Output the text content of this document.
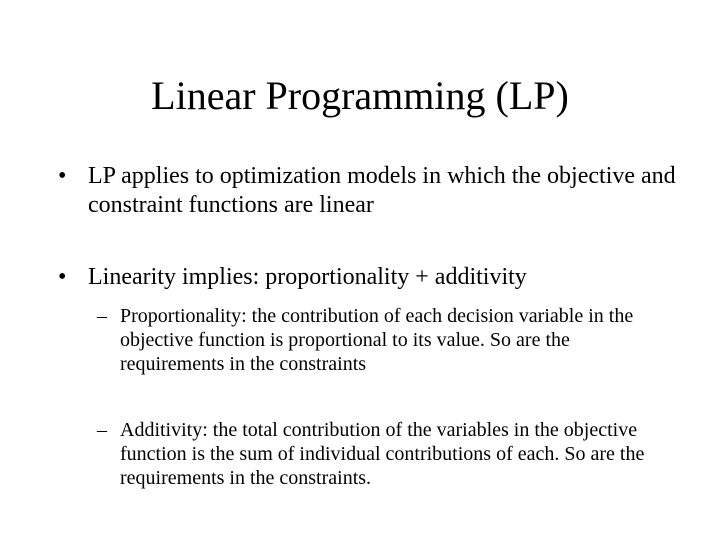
Linear Programming (LP)
• LP applies to optimization models in which the objective and constraint functions are linear
• Linearity implies: proportionality + additivity
– Proportionality: the contribution of each decision variable in the objective function is proportional to its value. So are the requirements in the constraints
– Additivity: the total contribution of the variables in the objective function is the sum of individual contributions of each. So are the requirements in the constraints.
